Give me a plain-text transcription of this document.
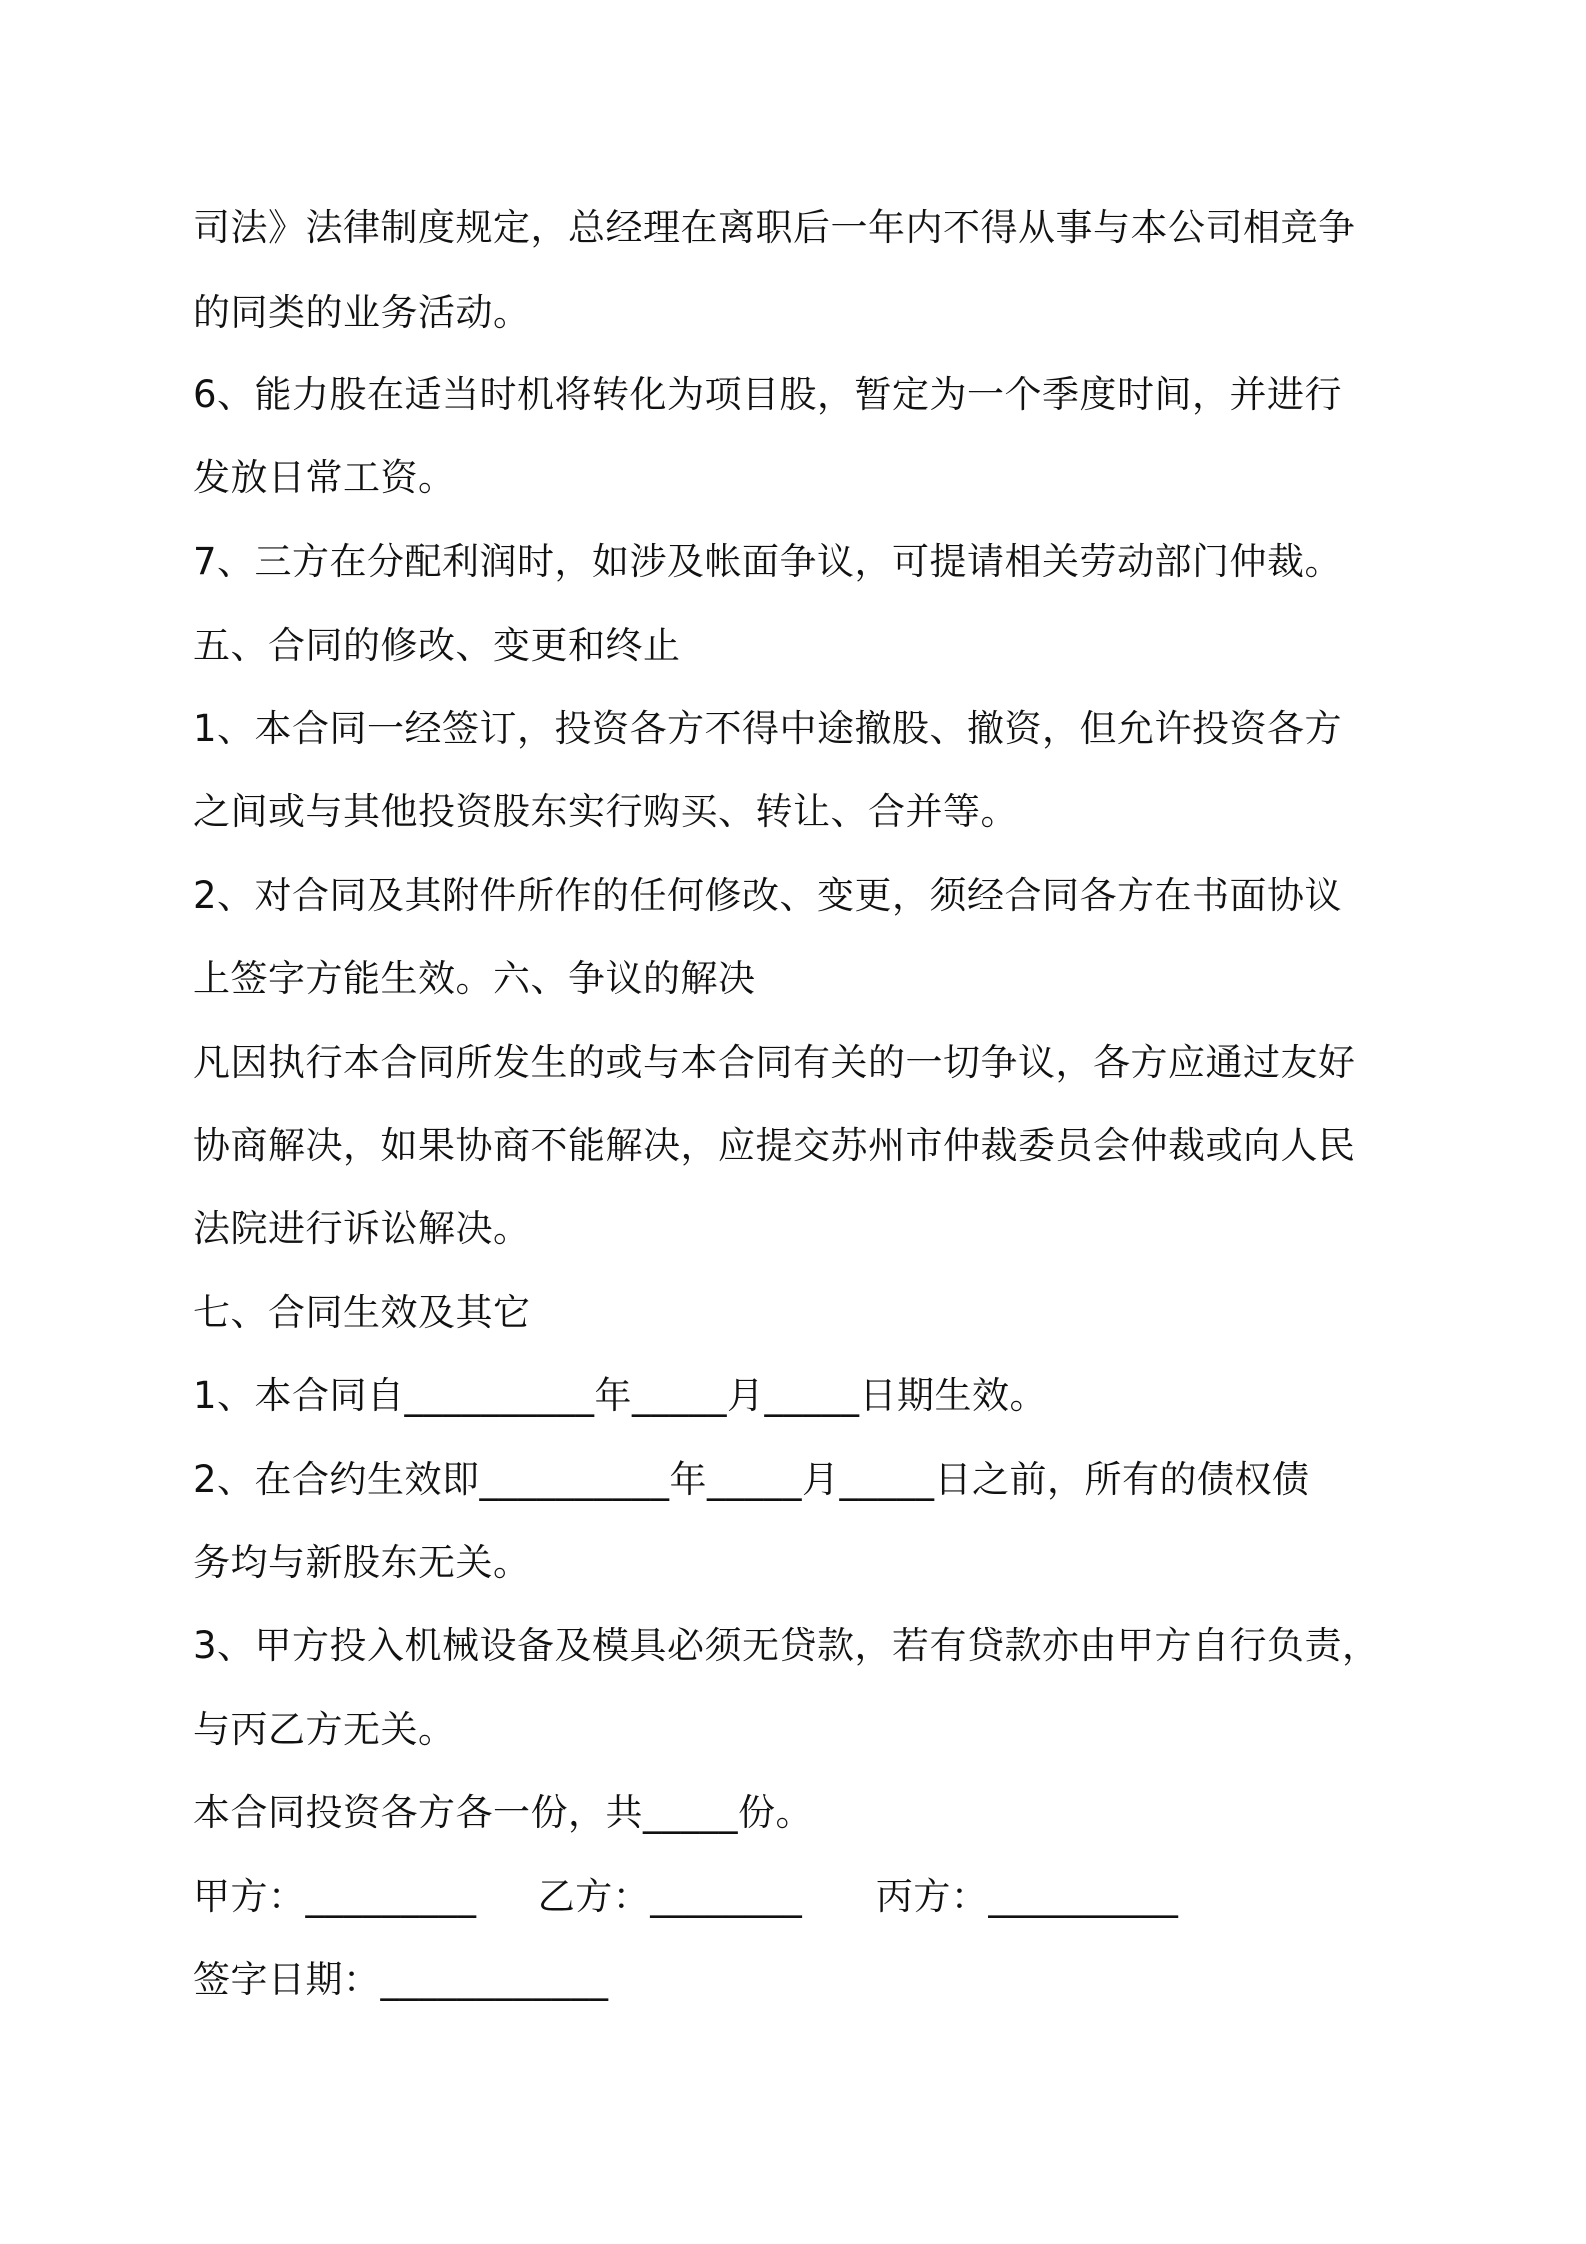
司法》法律制度规定，总经理在离职后一年内不得从事与本公司相竞争
的同类的业务活动。
6、能力股在适当时机将转化为项目股，暂定为一个季度时间，并进行
发放日常工资。
7、三方在分配利润时，如涉及帐面争议，可提请相关劳动部门仲裁。
五、合同的修改、变更和终止
1、本合同一经签订，投资各方不得中途撤股、撤资，但允许投资各方
之间或与其他投资股东实行购买、转让、合并等。
2、对合同及其附件所作的任何修改、变更，须经合同各方在书面协议
上签字方能生效。六、争议的解决
凡因执行本合同所发生的或与本合同有关的一切争议，各方应通过友好
协商解决，如果协商不能解决，应提交苏州市仲裁委员会仲裁或向人民
法院进行诉讼解决。
七、合同生效及其它
1、本合同自__________年_____月_____日期生效。
2、在合约生效即__________年_____月_____日之前，所有的债权债
务均与新股东无关。
3、甲方投入机械设备及模具必须无贷款，若有贷款亦由甲方自行负责，
与丙乙方无关。
本合同投资各方各一份，共_____份。
甲方：_________     乙方：________      丙方：__________
签字日期：____________
